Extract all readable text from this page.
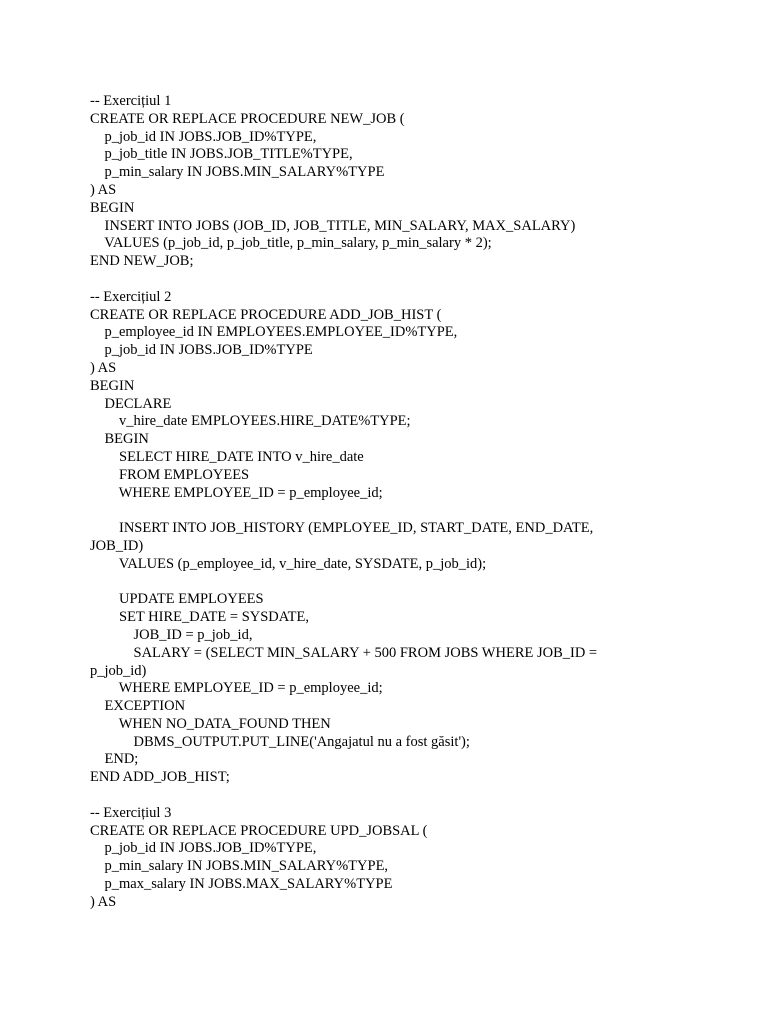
-- Exercițiul 1
CREATE OR REPLACE PROCEDURE NEW_JOB (
p_job_id IN JOBS.JOB_ID%TYPE,
p_job_title IN JOBS.JOB_TITLE%TYPE,
p_min_salary IN JOBS.MIN_SALARY%TYPE
) AS
BEGIN
INSERT INTO JOBS (JOB_ID, JOB_TITLE, MIN_SALARY, MAX_SALARY)
VALUES (p_job_id, p_job_title, p_min_salary, p_min_salary * 2);
END NEW_JOB;
-- Exercițiul 2
CREATE OR REPLACE PROCEDURE ADD_JOB_HIST (
p_employee_id IN EMPLOYEES.EMPLOYEE_ID%TYPE,
p_job_id IN JOBS.JOB_ID%TYPE
) AS
BEGIN
DECLARE
v_hire_date EMPLOYEES.HIRE_DATE%TYPE;
BEGIN
SELECT HIRE_DATE INTO v_hire_date
FROM EMPLOYEES
WHERE EMPLOYEE_ID = p_employee_id;
INSERT INTO JOB_HISTORY (EMPLOYEE_ID, START_DATE, END_DATE,
JOB_ID)
VALUES (p_employee_id, v_hire_date, SYSDATE, p_job_id);
UPDATE EMPLOYEES
SET HIRE_DATE = SYSDATE,
JOB_ID = p_job_id,
SALARY = (SELECT MIN_SALARY + 500 FROM JOBS WHERE JOB_ID =
p_job_id)
WHERE EMPLOYEE_ID = p_employee_id;
EXCEPTION
WHEN NO_DATA_FOUND THEN
DBMS_OUTPUT.PUT_LINE('Angajatul nu a fost găsit');
END;
END ADD_JOB_HIST;
-- Exercițiul 3
CREATE OR REPLACE PROCEDURE UPD_JOBSAL (
p_job_id IN JOBS.JOB_ID%TYPE,
p_min_salary IN JOBS.MIN_SALARY%TYPE,
p_max_salary IN JOBS.MAX_SALARY%TYPE
) AS
